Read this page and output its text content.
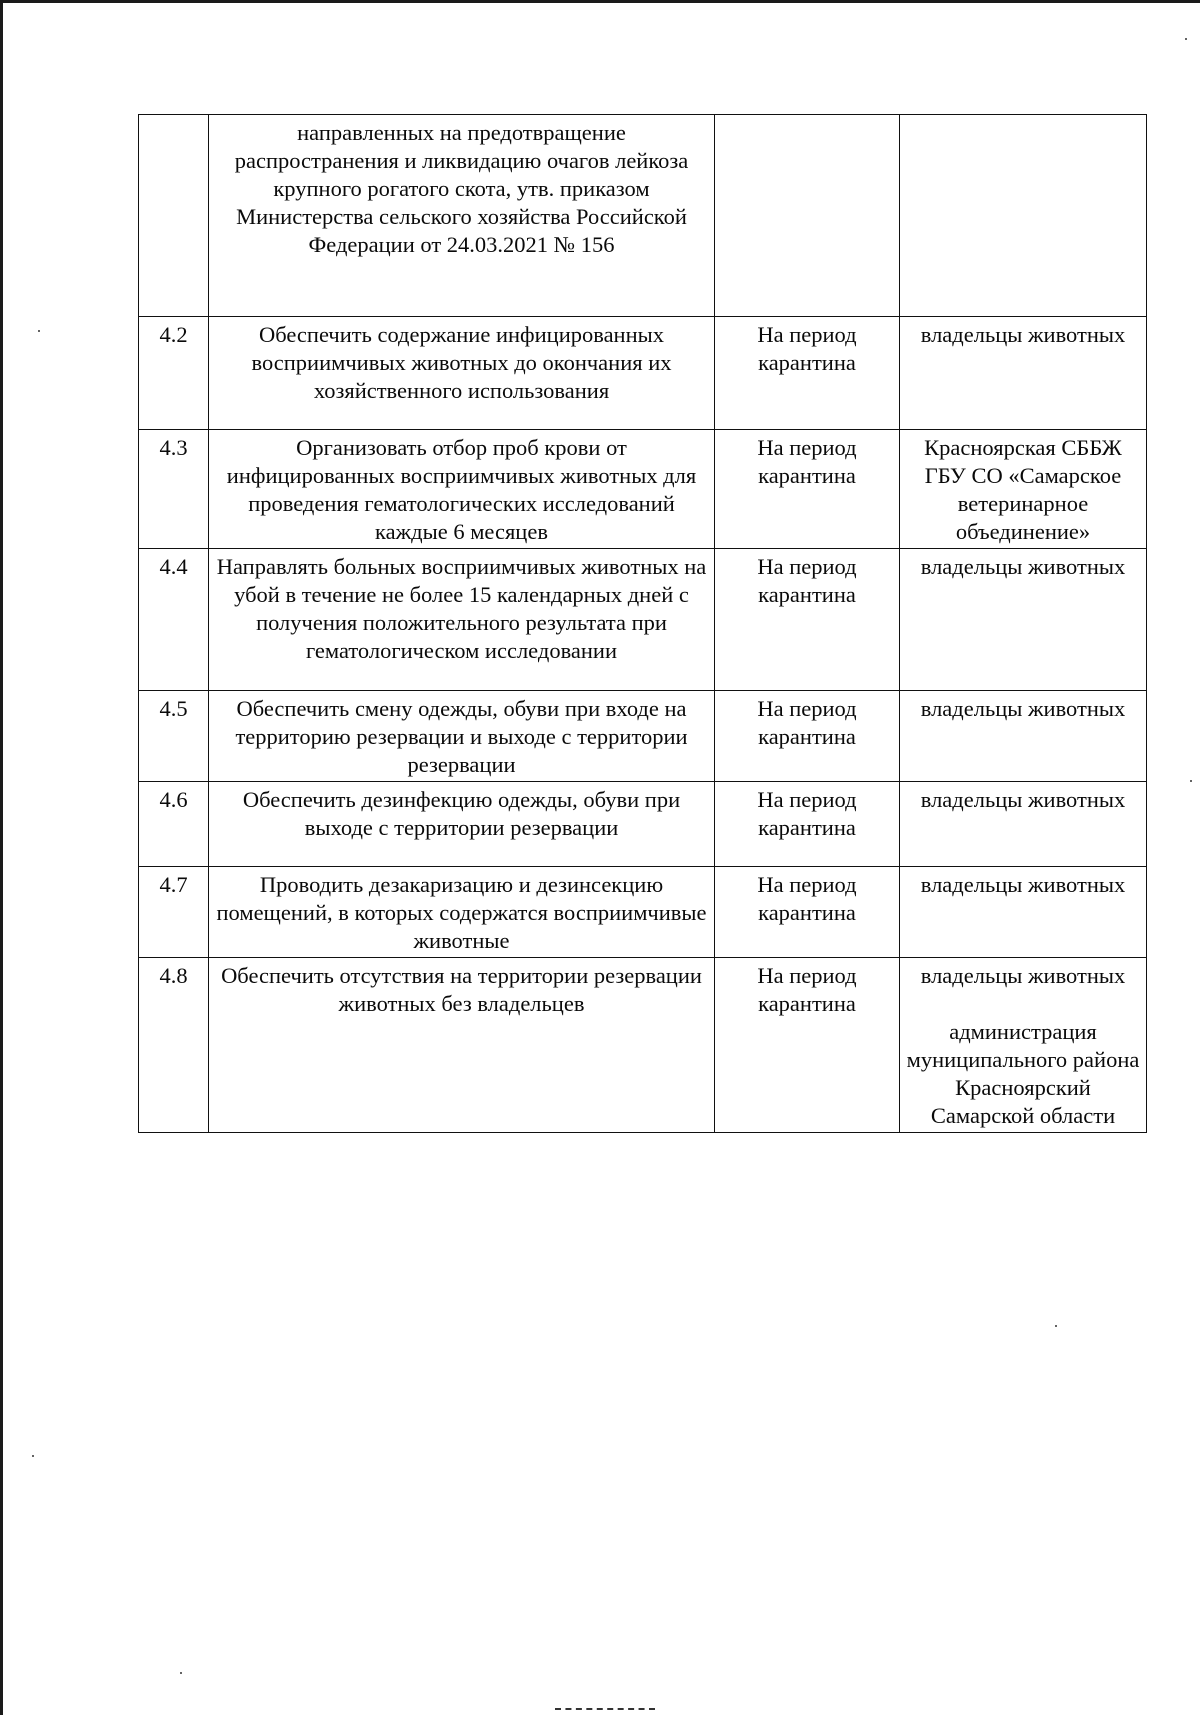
	направленных на предотвращение распространения и ликвидацию очагов лейкоза крупного рогатого скота, утв. приказом Министерства сельского хозяйства Российской Федерации от 24.03.2021 № 156		
4.2	Обеспечить содержание инфицированных восприимчивых животных до окончания их хозяйственного использования	На период карантина	владельцы животных
4.3	Организовать отбор проб крови от инфицированных восприимчивых животных для проведения гематологических исследований каждые 6 месяцев	На период карантина	Красноярская СББЖ ГБУ СО «Самарское ветеринарное объединение»
4.4	Направлять больных восприимчивых животных на убой в течение не более 15 календарных дней с получения положительного результата при гематологическом исследовании	На период карантина	владельцы животных
4.5	Обеспечить смену одежды, обуви при входе на территорию резервации и выходе с территории резервации	На период карантина	владельцы животных
4.6	Обеспечить дезинфекцию одежды, обуви при выходе с территории резервации	На период карантина	владельцы животных
4.7	Проводить дезакаризацию и дезинсекцию помещений, в которых содержатся восприимчивые животные	На период карантина	владельцы животных
4.8	Обеспечить отсутствия на территории резервации животных без владельцев	На период карантина	владельцы животных
администрация муниципального района Красноярский Самарской области
